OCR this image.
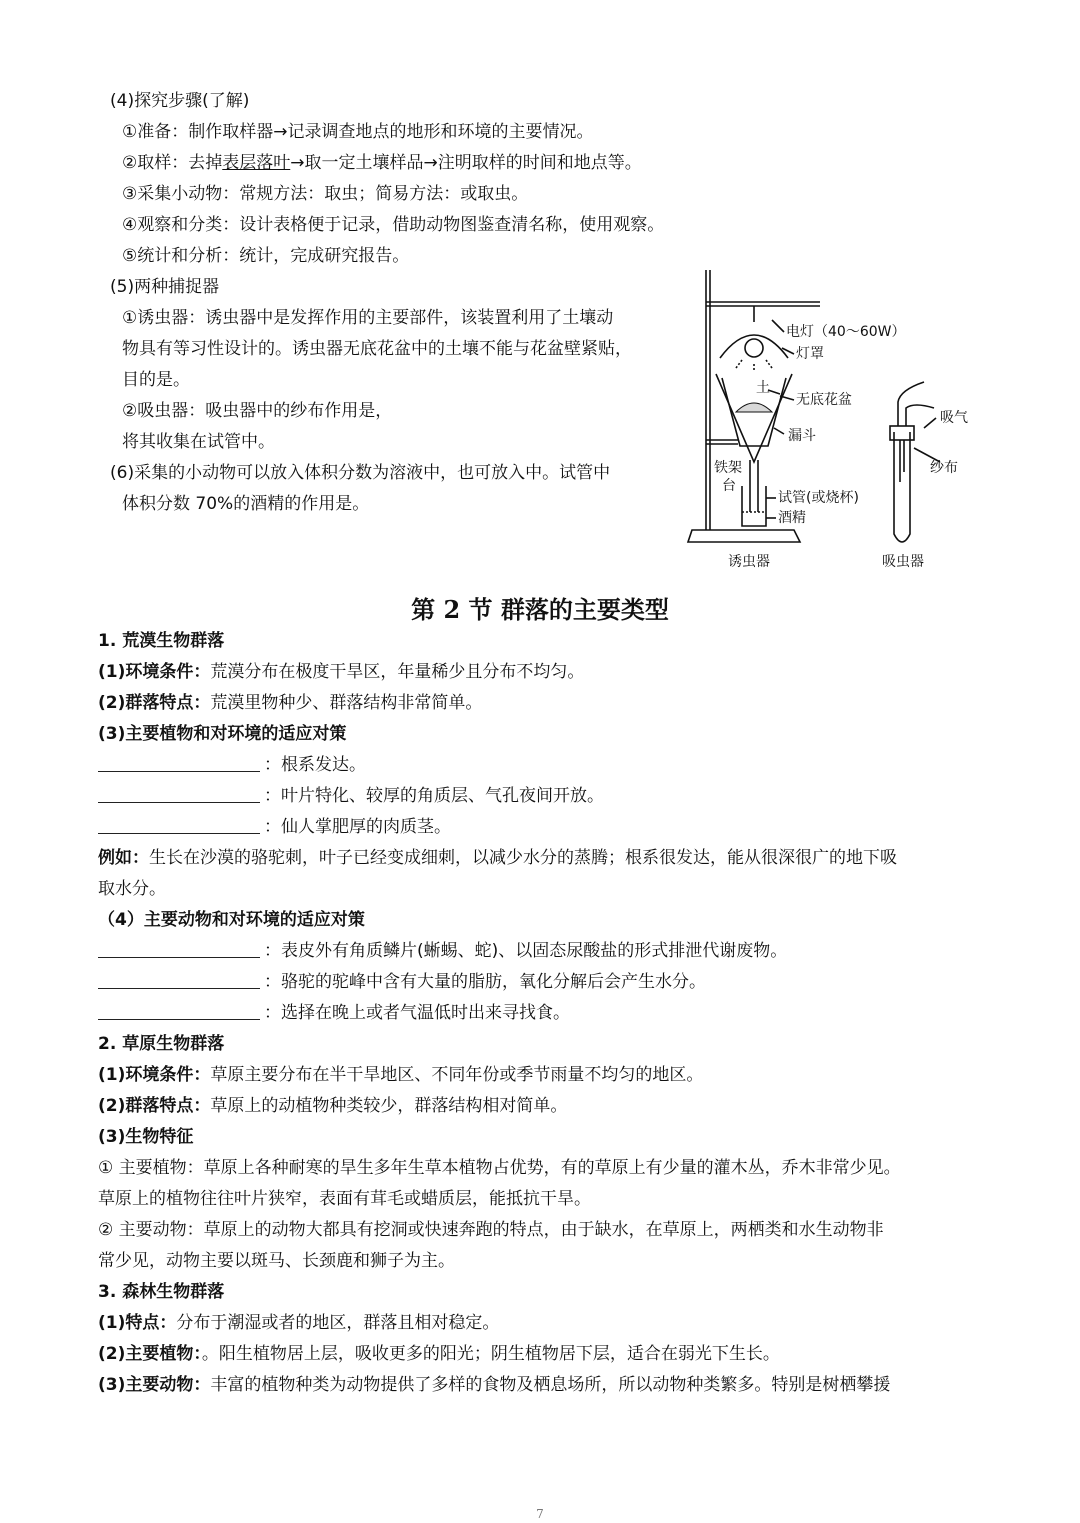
(4)探究步骤(了解)
①准备：制作取样器→记录调查地点的地形和环境的主要情况。
②取样：去掉表层落叶→取一定土壤样品→注明取样的时间和地点等。
③采集小动物：常规方法：取虫；简易方法：或取虫。
④观察和分类：设计表格便于记录，借助动物图鉴查清名称，使用观察。
⑤统计和分析：统计，完成研究报告。
(5)两种捕捉器
①诱虫器：诱虫器中是发挥作用的主要部件，该装置利用了土壤动
物具有等习性设计的。诱虫器无底花盆中的土壤不能与花盆壁紧贴，
目的是。
②吸虫器：吸虫器中的纱布作用是，
将其收集在试管中。
(6)采集的小动物可以放入体积分数为溶液中，也可放入中。试管中
体积分数 70%的酒精的作用是。
电灯（40～60W）
灯罩
土
无底花盆
漏斗
铁架
台
试管(或烧杯)
酒精
吸气
纱布
诱虫器	吸虫器
第 2 节 群落的主要类型
1. 荒漠生物群落
(1)环境条件：荒漠分布在极度干旱区，年量稀少且分布不均匀。
(2)群落特点：荒漠里物种少、群落结构非常简单。
(3)主要植物和对环境的适应对策
：根系发达。
：叶片特化、较厚的角质层、气孔夜间开放。
：仙人掌肥厚的肉质茎。
例如：生长在沙漠的骆驼刺，叶子已经变成细刺，以减少水分的蒸腾；根系很发达，能从很深很广的地下吸
取水分。
（4）主要动物和对环境的适应对策
：表皮外有角质鳞片(蜥蜴、蛇)、以固态尿酸盐的形式排泄代谢废物。
：骆驼的驼峰中含有大量的脂肪，氧化分解后会产生水分。
：选择在晚上或者气温低时出来寻找食。
2. 草原生物群落
(1)环境条件：草原主要分布在半干旱地区、不同年份或季节雨量不均匀的地区。
(2)群落特点：草原上的动植物种类较少，群落结构相对简单。
(3)生物特征
① 主要植物：草原上各种耐寒的旱生多年生草本植物占优势，有的草原上有少量的灌木丛，乔木非常少见。
草原上的植物往往叶片狭窄，表面有茸毛或蜡质层，能抵抗干旱。
② 主要动物：草原上的动物大都具有挖洞或快速奔跑的特点，由于缺水，在草原上，两栖类和水生动物非
常少见，动物主要以斑马、长颈鹿和狮子为主。
3. 森林生物群落
(1)特点：分布于潮湿或者的地区，群落且相对稳定。
(2)主要植物：。阳生植物居上层，吸收更多的阳光；阴生植物居下层，适合在弱光下生长。
(3)主要动物：丰富的植物种类为动物提供了多样的食物及栖息场所，所以动物种类繁多。特别是树栖攀援
7
